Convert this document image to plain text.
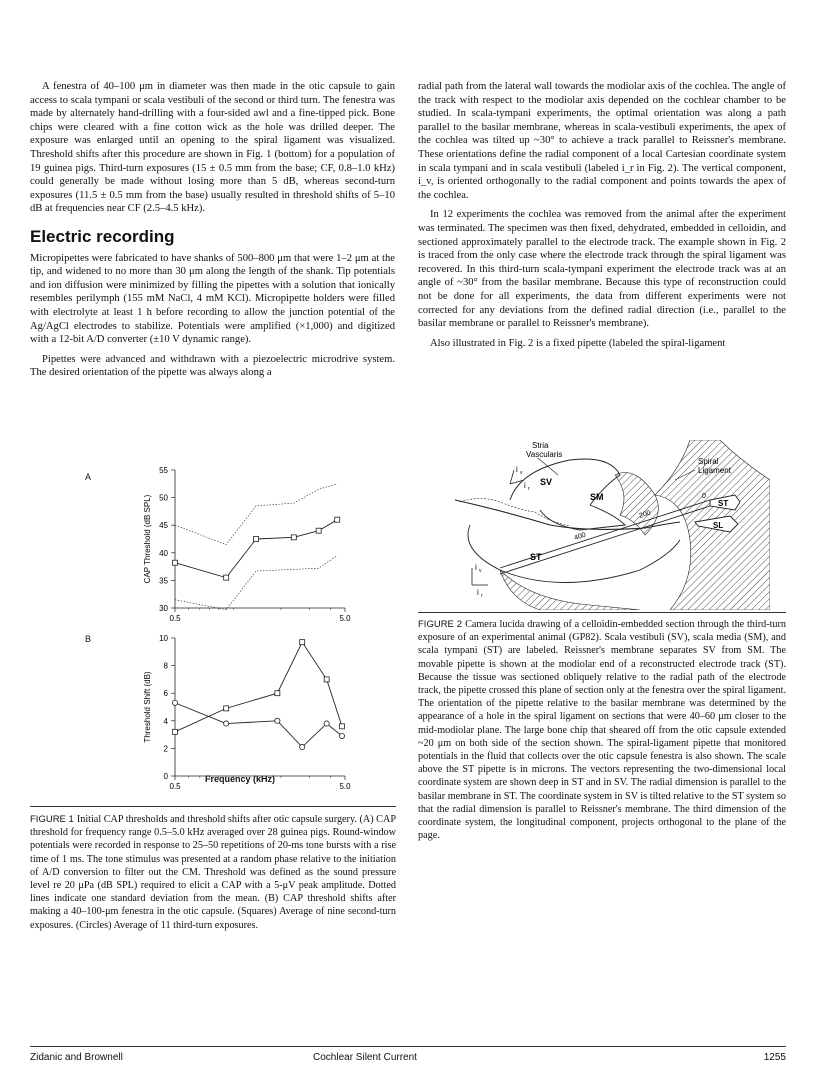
A fenestra of 40–100 μm in diameter was then made in the otic capsule to gain access to scala tympani or scala vestibuli of the second or third turn. The fenestra was made by alternately hand-drilling with a four-sided awl and a fine-tipped pick. Bone chips were cleared with a fine cotton wick as the hole was drilled deeper. The exposure was enlarged until an opening to the spiral ligament was visualized. Threshold shifts after this procedure are shown in Fig. 1 (bottom) for a population of 19 guinea pigs. Third-turn exposures (15 ± 0.5 mm from the base; CF, 0.8–1.0 kHz) could generally be made without losing more than 5 dB, whereas second-turn exposures (11.5 ± 0.5 mm from the base) usually resulted in threshold shifts of 5–10 dB at frequencies near CF (2.5–4.5 kHz).

Electric recording

Micropipettes were fabricated to have shanks of 500–800 μm that were 1–2 μm at the tip, and widened to no more than 30 μm along the length of the shank. Tip potentials and ion diffusion were minimized by filling the pipettes with a solution that ionically resembles perilymph (155 mM NaCl, 4 mM KCl). Micropipette holders were filled with electrolyte at least 1 h before recording to allow the junction potential of the Ag/AgCl electrodes to stabilize. Potentials were amplified (×1,000) and digitized with a 12-bit A/D converter (±10 V dynamic range).

Pipettes were advanced and withdrawn with a piezoelectric microdrive system. The desired orientation of the pipette was always along a

radial path from the lateral wall towards the modiolar axis of the cochlea. The angle of the track with respect to the modiolar axis depended on the cochlear chamber to be studied. In scala-tympani experiments, the optimal orientation was along a path parallel to the basilar membrane, whereas in scala-vestibuli experiments, the apex of the cochlea was tilted up ~30° to achieve a track parallel to Reissner's membrane. These orientations define the radial component of a local Cartesian coordinate system in scala tympani and in scala vestibuli (labeled i_r in Fig. 2). The vertical component, i_v, is oriented orthogonally to the radial component and points towards the apex of the cochlea.

In 12 experiments the cochlea was removed from the animal after the experiment was terminated. The specimen was then fixed, dehydrated, embedded in celloidin, and sectioned approximately parallel to the electrode track. The example shown in Fig. 2 is traced from the only case where the electrode track through the spiral ligament was recovered. In this third-turn scala-tympani experiment the electrode track was at an angle of ~30° from the basilar membrane. Because this type of reconstruction could not be done for all experiments, the data from different experiments were not corrected for any deviations from the defined radial direction (i.e., parallel to the basilar membrane or parallel to Reissner's membrane).

Also illustrated in Fig. 2 is a fixed pipette (labeled the spiral-ligament

A
B
30
35
40
45
50
55
0.5	5.0
CAP Threshold (dB SPL)
0
2
4
6
8
10
0.5	5.0
Threshold Shift (dB)
Frequency (kHz)
FIGURE 1 Initial CAP thresholds and threshold shifts after otic capsule surgery. (A) CAP threshold for frequency range 0.5–5.0 kHz averaged over 28 guinea pigs. Round-window potentials were recorded in response to 25–50 repetitions of 20-ms tone bursts with a rise time of 1 ms. The tone stimulus was presented at a random phase relative to the initiation of A/D conversion to filter out the CM. Threshold was defined as the sound pressure level re 20 μPa (dB SPL) required to elicit a CAP with a 5-μV peak amplitude. Dotted lines indicate one standard deviation from the mean. (B) CAP threshold shifts after making a 40–100-μm fenestra in the otic capsule. (Squares) Average of nine second-turn exposures. (Circles) Average of 11 third-turn exposures.
Stria
Vascularis
Spiral
Ligament
SV
SM
ST
ST
SL
0
200
400
i v
i r
i v
i r
FIGURE 2 Camera lucida drawing of a celloidin-embedded section through the third-turn exposure of an experimental animal (GP82). Scala vestibuli (SV), scala media (SM), and scala tympani (ST) are labeled. Reissner's membrane separates SV from SM. The movable pipette is shown at the modiolar end of a reconstructed electrode track (ST). Because the tissue was sectioned obliquely relative to the radial path of the electrode track, the pipette crossed this plane of section only at the fenestra over the spiral ligament. The orientation of the pipette relative to the basilar membrane was determined by the appearance of a hole in the spiral ligament on sections that were 40–60 μm closer to the mid-modiolar plane. The large bone chip that sheared off from the otic capsule extended ~20 μm on both side of the section shown. The spiral-ligament pipette that monitored potentials in the fluid that collects over the otic capsule fenestra is also shown. The scale above the ST pipette is in microns. The vectors representing the two-dimensional local coordinate system are shown deep in ST and in SV. The radial dimension is parallel to the basilar membrane in ST. The coordinate system in SV is tilted relative to the ST system so that the radial dimension is parallel to Reissner's membrane. The third dimension of the coordinate system, the longitudinal component, projects orthogonal to the plane of the page.
Zidanic and Brownell	Cochlear Silent Current	1255
